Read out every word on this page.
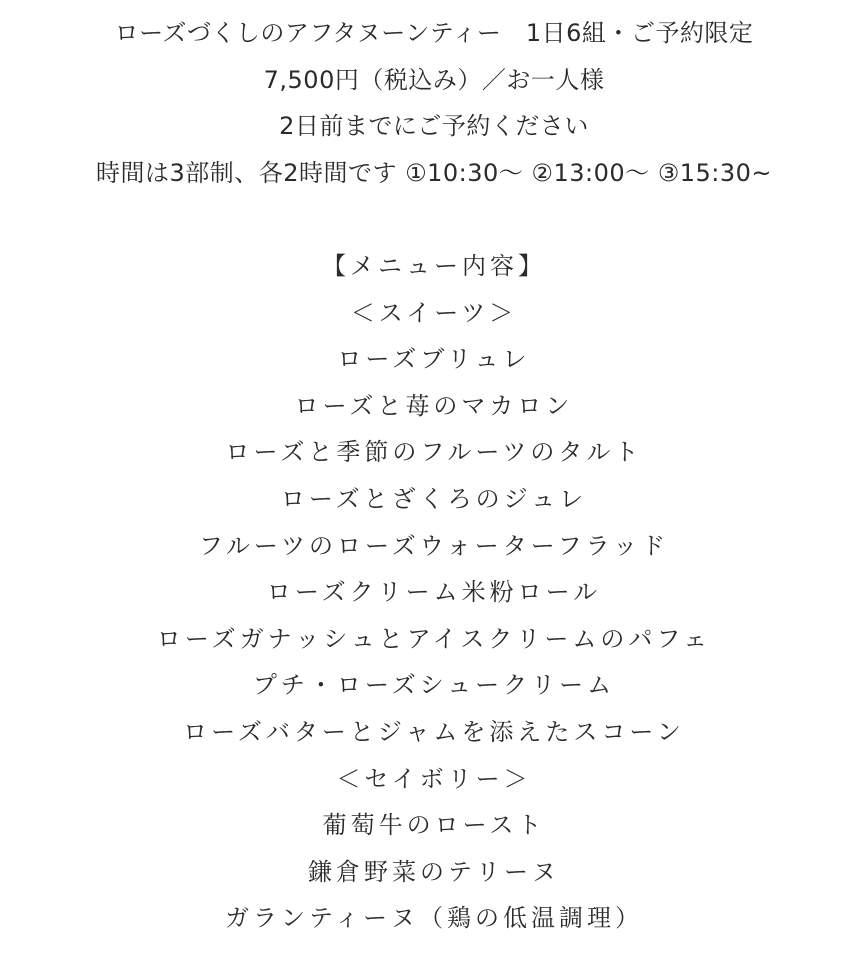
ローズづくしのアフタヌーンティー　1日6組・ご予約限定
7,500円（税込み）／お一人様
2日前までにご予約ください
時間は3部制、各2時間です ①10:30〜 ②13:00〜 ③15:30~
【メニュー内容】
＜スイーツ＞
ローズブリュレ
ローズと苺のマカロン
ローズと季節のフルーツのタルト
ローズとざくろのジュレ
フルーツのローズウォーターフラッド
ローズクリーム米粉ロール
ローズガナッシュとアイスクリームのパフェ
プチ・ローズシュークリーム
ローズバターとジャムを添えたスコーン
＜セイボリー＞
葡萄牛のロースト
鎌倉野菜のテリーヌ
ガランティーヌ（鶏の低温調理）
